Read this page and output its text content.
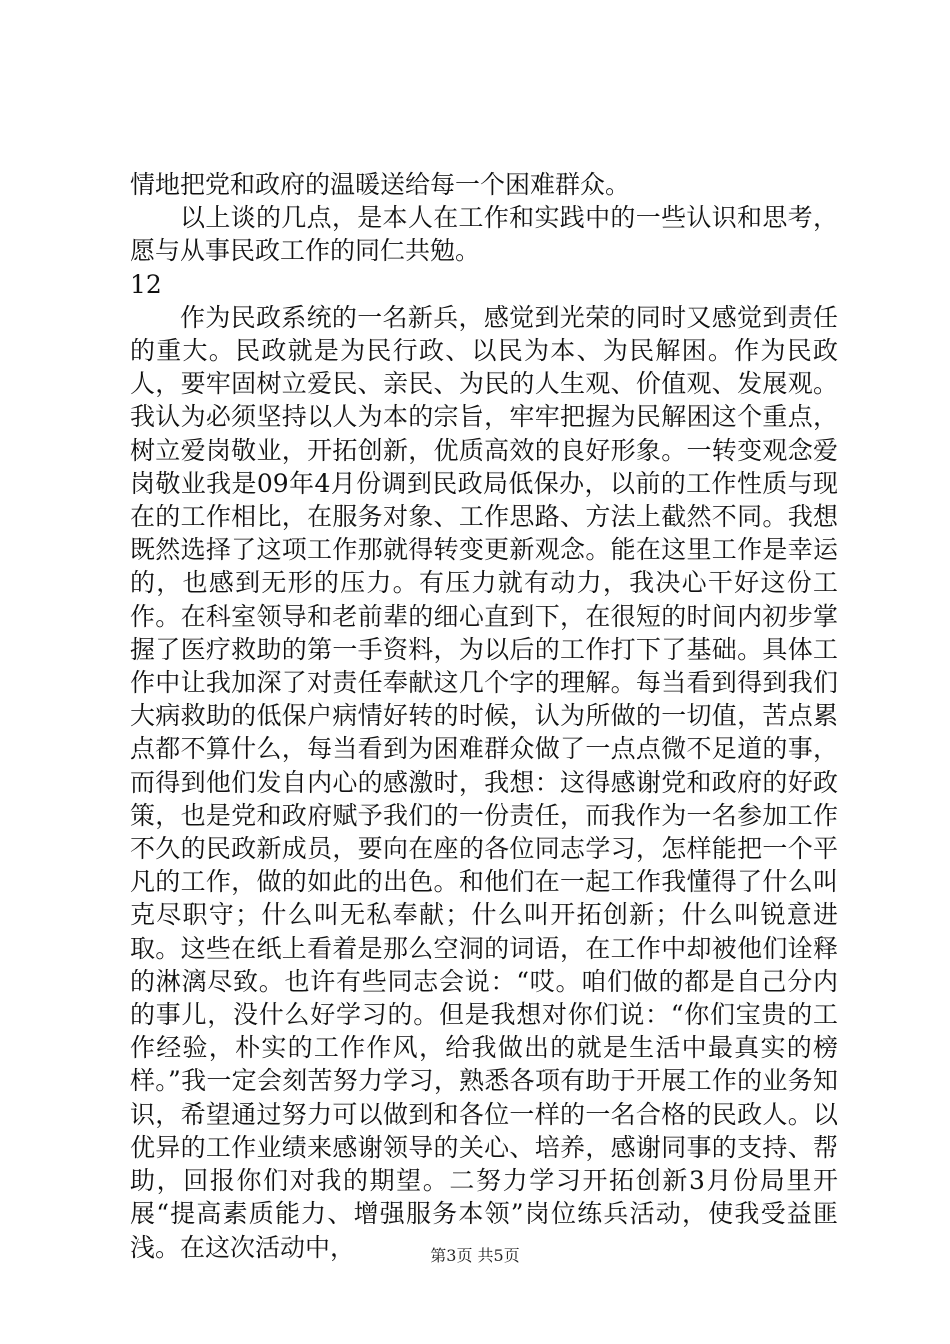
情地把党和政府的温暖送给每一个困难群众。

以上谈的几点，是本人在工作和实践中的一些认识和思考，愿与从事民政工作的同仁共勉。

12

作为民政系统的一名新兵，感觉到光荣的同时又感觉到责任的重大。民政就是为民行政、以民为本、为民解困。作为民政人，要牢固树立爱民、亲民、为民的人生观、价值观、发展观。我认为必须坚持以人为本的宗旨，牢牢把握为民解困这个重点，树立爱岗敬业，开拓创新，优质高效的良好形象。一转变观念爱岗敬业我是09年4月份调到民政局低保办，以前的工作性质与现在的工作相比，在服务对象、工作思路、方法上截然不同。我想既然选择了这项工作那就得转变更新观念。能在这里工作是幸运的，也感到无形的压力。有压力就有动力，我决心干好这份工作。在科室领导和老前辈的细心直到下，在很短的时间内初步掌握了医疗救助的第一手资料，为以后的工作打下了基础。具体工作中让我加深了对责任奉献这几个字的理解。每当看到得到我们大病救助的低保户病情好转的时候，认为所做的一切值，苦点累点都不算什么，每当看到为困难群众做了一点点微不足道的事，而得到他们发自内心的感激时，我想：这得感谢党和政府的好政策，也是党和政府赋予我们的一份责任，而我作为一名参加工作不久的民政新成员，要向在座的各位同志学习，怎样能把一个平凡的工作，做的如此的出色。和他们在一起工作我懂得了什么叫克尽职守；什么叫无私奉献；什么叫开拓创新；什么叫锐意进取。这些在纸上看着是那么空洞的词语，在工作中却被他们诠释的淋漓尽致。也许有些同志会说：“哎。咱们做的都是自己分内的事儿，没什么好学习的。但是我想对你们说：“你们宝贵的工作经验，朴实的工作作风，给我做出的就是生活中最真实的榜样。”我一定会刻苦努力学习，熟悉各项有助于开展工作的业务知识，希望通过努力可以做到和各位一样的一名合格的民政人。以优异的工作业绩来感谢领导的关心、培养，感谢同事的支持、帮助，回报你们对我的期望。二努力学习开拓创新3月份局里开展“提高素质能力、增强服务本领”岗位练兵活动，使我受益匪浅。在这次活动中，	第3页 共5页
